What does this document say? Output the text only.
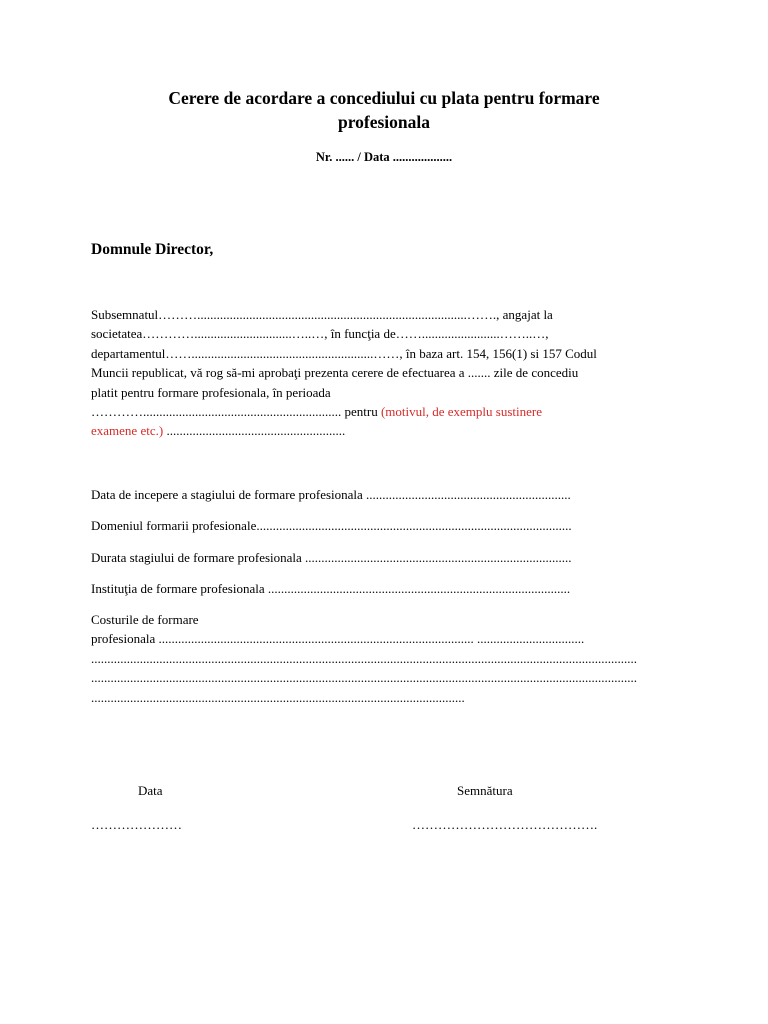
Cerere de acordare a concediului cu plata pentru formare
profesionala
Nr. ...... / Data ...................
Domnule Director,
Subsemnatul………...................................................................................……., angajat la
societatea…………..............................…..…, în funcţia de……........................……..…,
departamentul……........................................................……, în baza art. 154, 156(1) si 157 Codul
Muncii republicat, vă rog să-mi aprobaţi prezenta cerere de efectuarea a ....... zile de concediu
platit pentru formare profesionala, în perioada
…………............................................................. pentru (motivul, de exemplu sustinere
examene etc.) .......................................................
Data de incepere a stagiului de formare profesionala ...............................................................
Domeniul formarii profesionale.................................................................................................
Durata stagiului de formare profesionala ..................................................................................
Instituţia de formare profesionala .............................................................................................
Costurile de formare
profesionala ................................................................................................. .................................
........................................................................................................................................................................
........................................................................................................................................................................
...................................................................................................................
Data	Semnătura
…………………	…………………………………….
